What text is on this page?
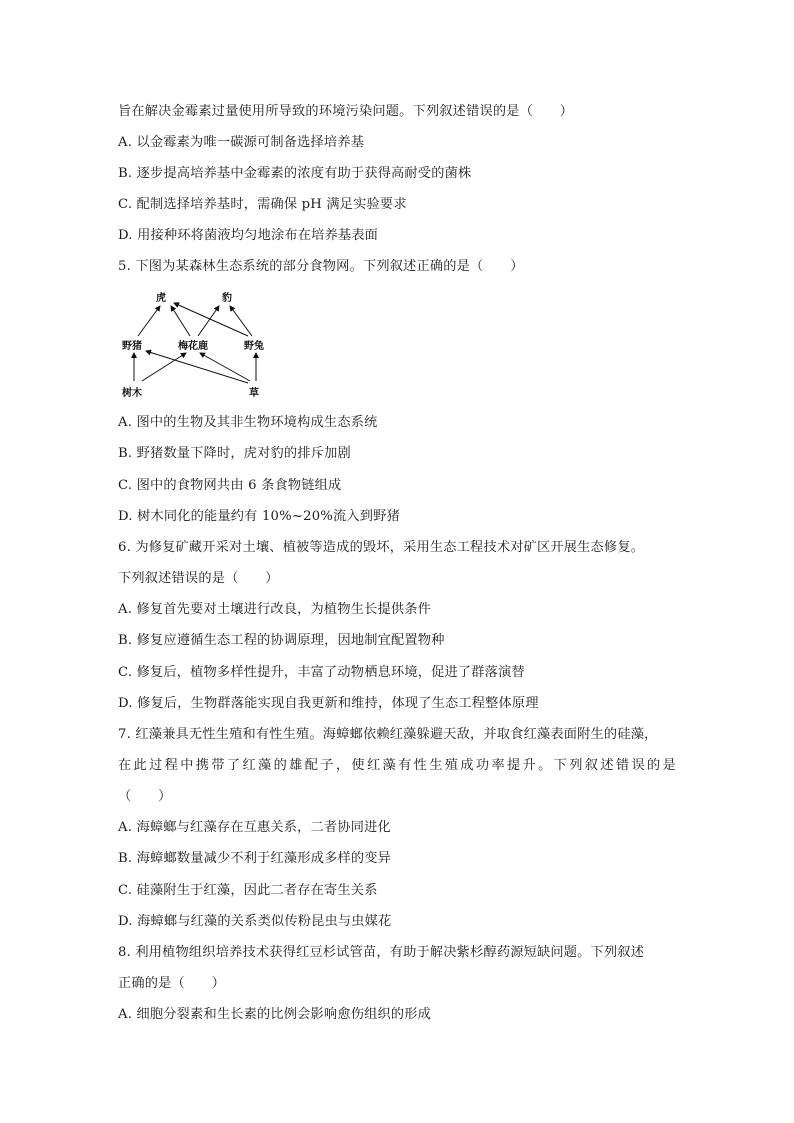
旨在解决金霉素过量使用所导致的环境污染问题。下列叙述错误的是（　　）
A. 以金霉素为唯一碳源可制备选择培养基
B. 逐步提高培养基中金霉素的浓度有助于获得高耐受的菌株
C. 配制选择培养基时，需确保 pH 满足实验要求
D. 用接种环将菌液均匀地涂布在培养基表面
5. 下图为某森林生态系统的部分食物网。下列叙述正确的是（　　）
虎	豹
野猪	梅花鹿	野兔
树木	草
A. 图中的生物及其非生物环境构成生态系统
B. 野猪数量下降时，虎对豹的排斥加剧
C. 图中的食物网共由 6 条食物链组成
D. 树木同化的能量约有 10%~20%流入到野猪
6. 为修复矿藏开采对土壤、植被等造成的毁坏，采用生态工程技术对矿区开展生态修复。
下列叙述错误的是（　　）
A. 修复首先要对土壤进行改良，为植物生长提供条件
B. 修复应遵循生态工程的协调原理，因地制宜配置物种
C. 修复后，植物多样性提升，丰富了动物栖息环境，促进了群落演替
D. 修复后，生物群落能实现自我更新和维持，体现了生态工程整体原理
7. 红藻兼具无性生殖和有性生殖。海蟑螂依赖红藻躲避天敌，并取食红藻表面附生的硅藻，
在此过程中携带了红藻的雄配子，使红藻有性生殖成功率提升。下列叙述错误的是
（　　）
A. 海蟑螂与红藻存在互惠关系，二者协同进化
B. 海蟑螂数量减少不利于红藻形成多样的变异
C. 硅藻附生于红藻，因此二者存在寄生关系
D. 海蟑螂与红藻的关系类似传粉昆虫与虫媒花
8. 利用植物组织培养技术获得红豆杉试管苗，有助于解决紫杉醇药源短缺问题。下列叙述
正确的是（　　）
A. 细胞分裂素和生长素的比例会影响愈伤组织的形成
